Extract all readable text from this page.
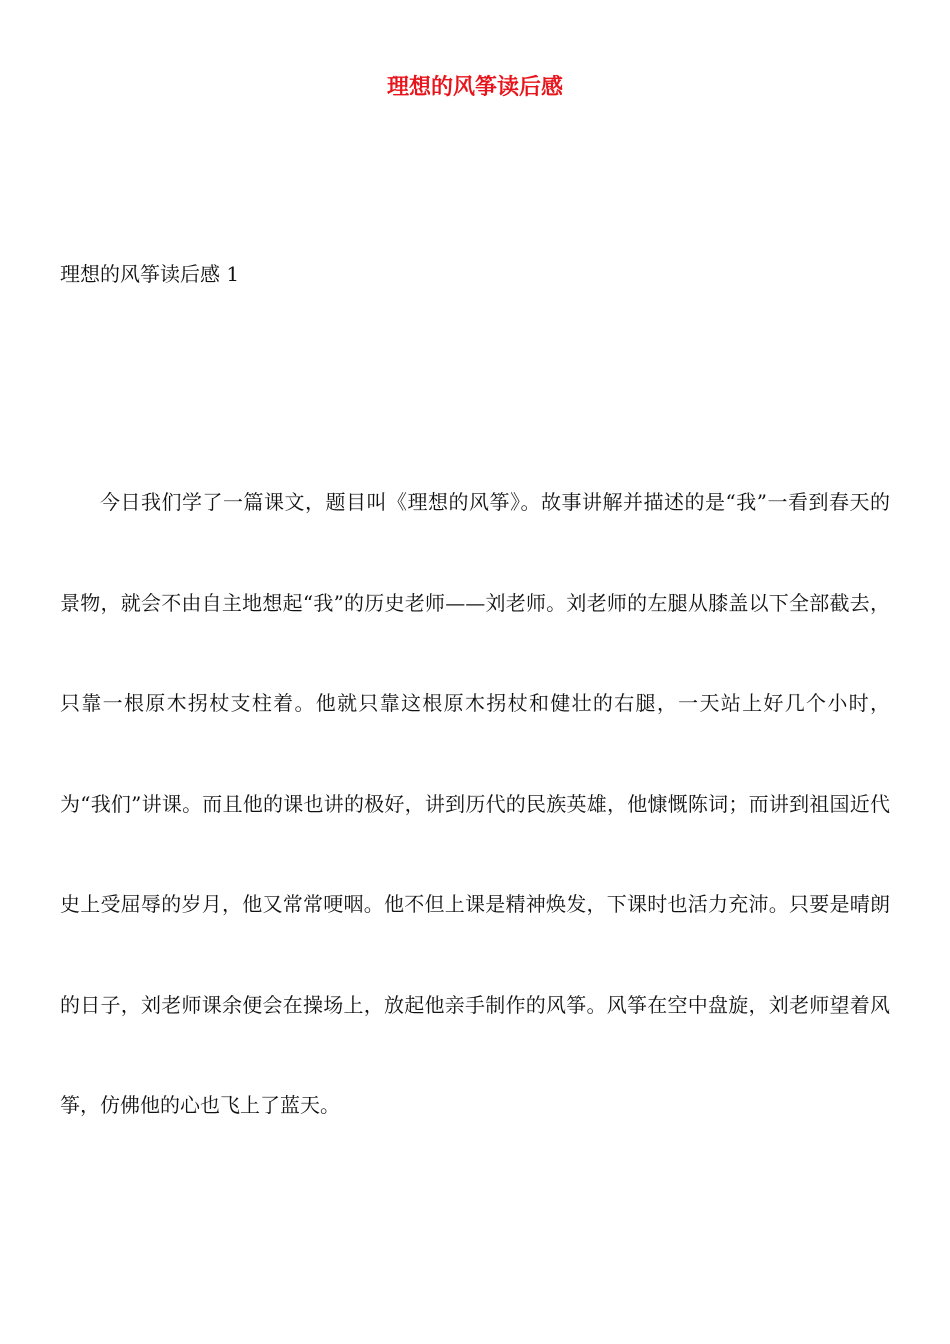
理想的风筝读后感

理想的风筝读后感 1

今日我们学了一篇课文，题目叫《理想的风筝》。故事讲解并描述的是“我”一看到春天的景物，就会不由自主地想起“我”的历史老师——刘老师。刘老师的左腿从膝盖以下全部截去，只靠一根原木拐杖支柱着。他就只靠这根原木拐杖和健壮的右腿，一天站上好几个小时，为“我们”讲课。而且他的课也讲的极好，讲到历代的民族英雄，他慷慨陈词；而讲到祖国近代史上受屈辱的岁月，他又常常哽咽。他不但上课是精神焕发，下课时也活力充沛。只要是晴朗的日子，刘老师课余便会在操场上，放起他亲手制作的风筝。风筝在空中盘旋，刘老师望着风筝，仿佛他的心也飞上了蓝天。
